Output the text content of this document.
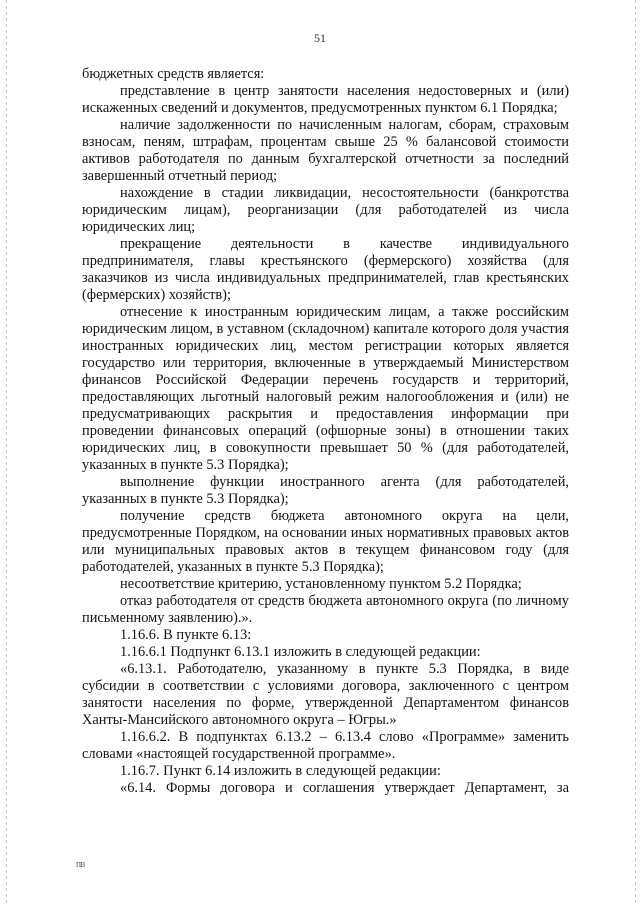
51

бюджетных средств является:

представление в центр занятости населения недостоверных и (или) искаженных сведений и документов, предусмотренных пунктом 6.1 Порядка;

наличие задолженности по начисленным налогам, сборам, страховым взносам, пеням, штрафам, процентам свыше 25 % балансовой стоимости активов работодателя по данным бухгалтерской отчетности за последний завершенный отчетный период;

нахождение в стадии ликвидации, несостоятельности (банкротства юридическим лицам), реорганизации (для работодателей из числа юридических лиц;

прекращение деятельности в качестве индивидуального предпринимателя, главы крестьянского (фермерского) хозяйства (для заказчиков из числа индивидуальных предпринимателей, глав крестьянских (фермерских) хозяйств);

отнесение к иностранным юридическим лицам, а также российским юридическим лицом, в уставном (складочном) капитале которого доля участия иностранных юридических лиц, местом регистрации которых является государство или территория, включенные в утверждаемый Министерством финансов Российской Федерации перечень государств и территорий, предоставляющих льготный налоговый режим налогообложения и (или) не предусматривающих раскрытия и предоставления информации при проведении финансовых операций (офшорные зоны) в отношении таких юридических лиц, в совокупности превышает 50 % (для работодателей, указанных в пункте 5.3 Порядка);

выполнение функции иностранного агента (для работодателей, указанных в пункте 5.3 Порядка);

получение средств бюджета автономного округа на цели, предусмотренные Порядком, на основании иных нормативных правовых актов или муниципальных правовых актов в текущем финансовом году (для работодателей, указанных в пункте 5.3 Порядка);

несоответствие критерию, установленному пунктом 5.2 Порядка;

отказ работодателя от средств бюджета автономного округа (по личному письменному заявлению).».

1.16.6. В пункте 6.13:

1.16.6.1 Подпункт 6.13.1 изложить в следующей редакции:

«6.13.1. Работодателю, указанному в пункте 5.3 Порядка, в виде субсидии в соответствии с условиями договора, заключенного с центром занятости населения по форме, утвержденной Департаментом финансов Ханты-Мансийского автономного округа – Югры.»

1.16.6.2. В подпунктах 6.13.2 – 6.13.4 слово «Программе» заменить словами «настоящей государственной программе».

1.16.7. Пункт 6.14 изложить в следующей редакции:

«6.14. Формы договора и соглашения утверждает Департамент, за

ПВ
